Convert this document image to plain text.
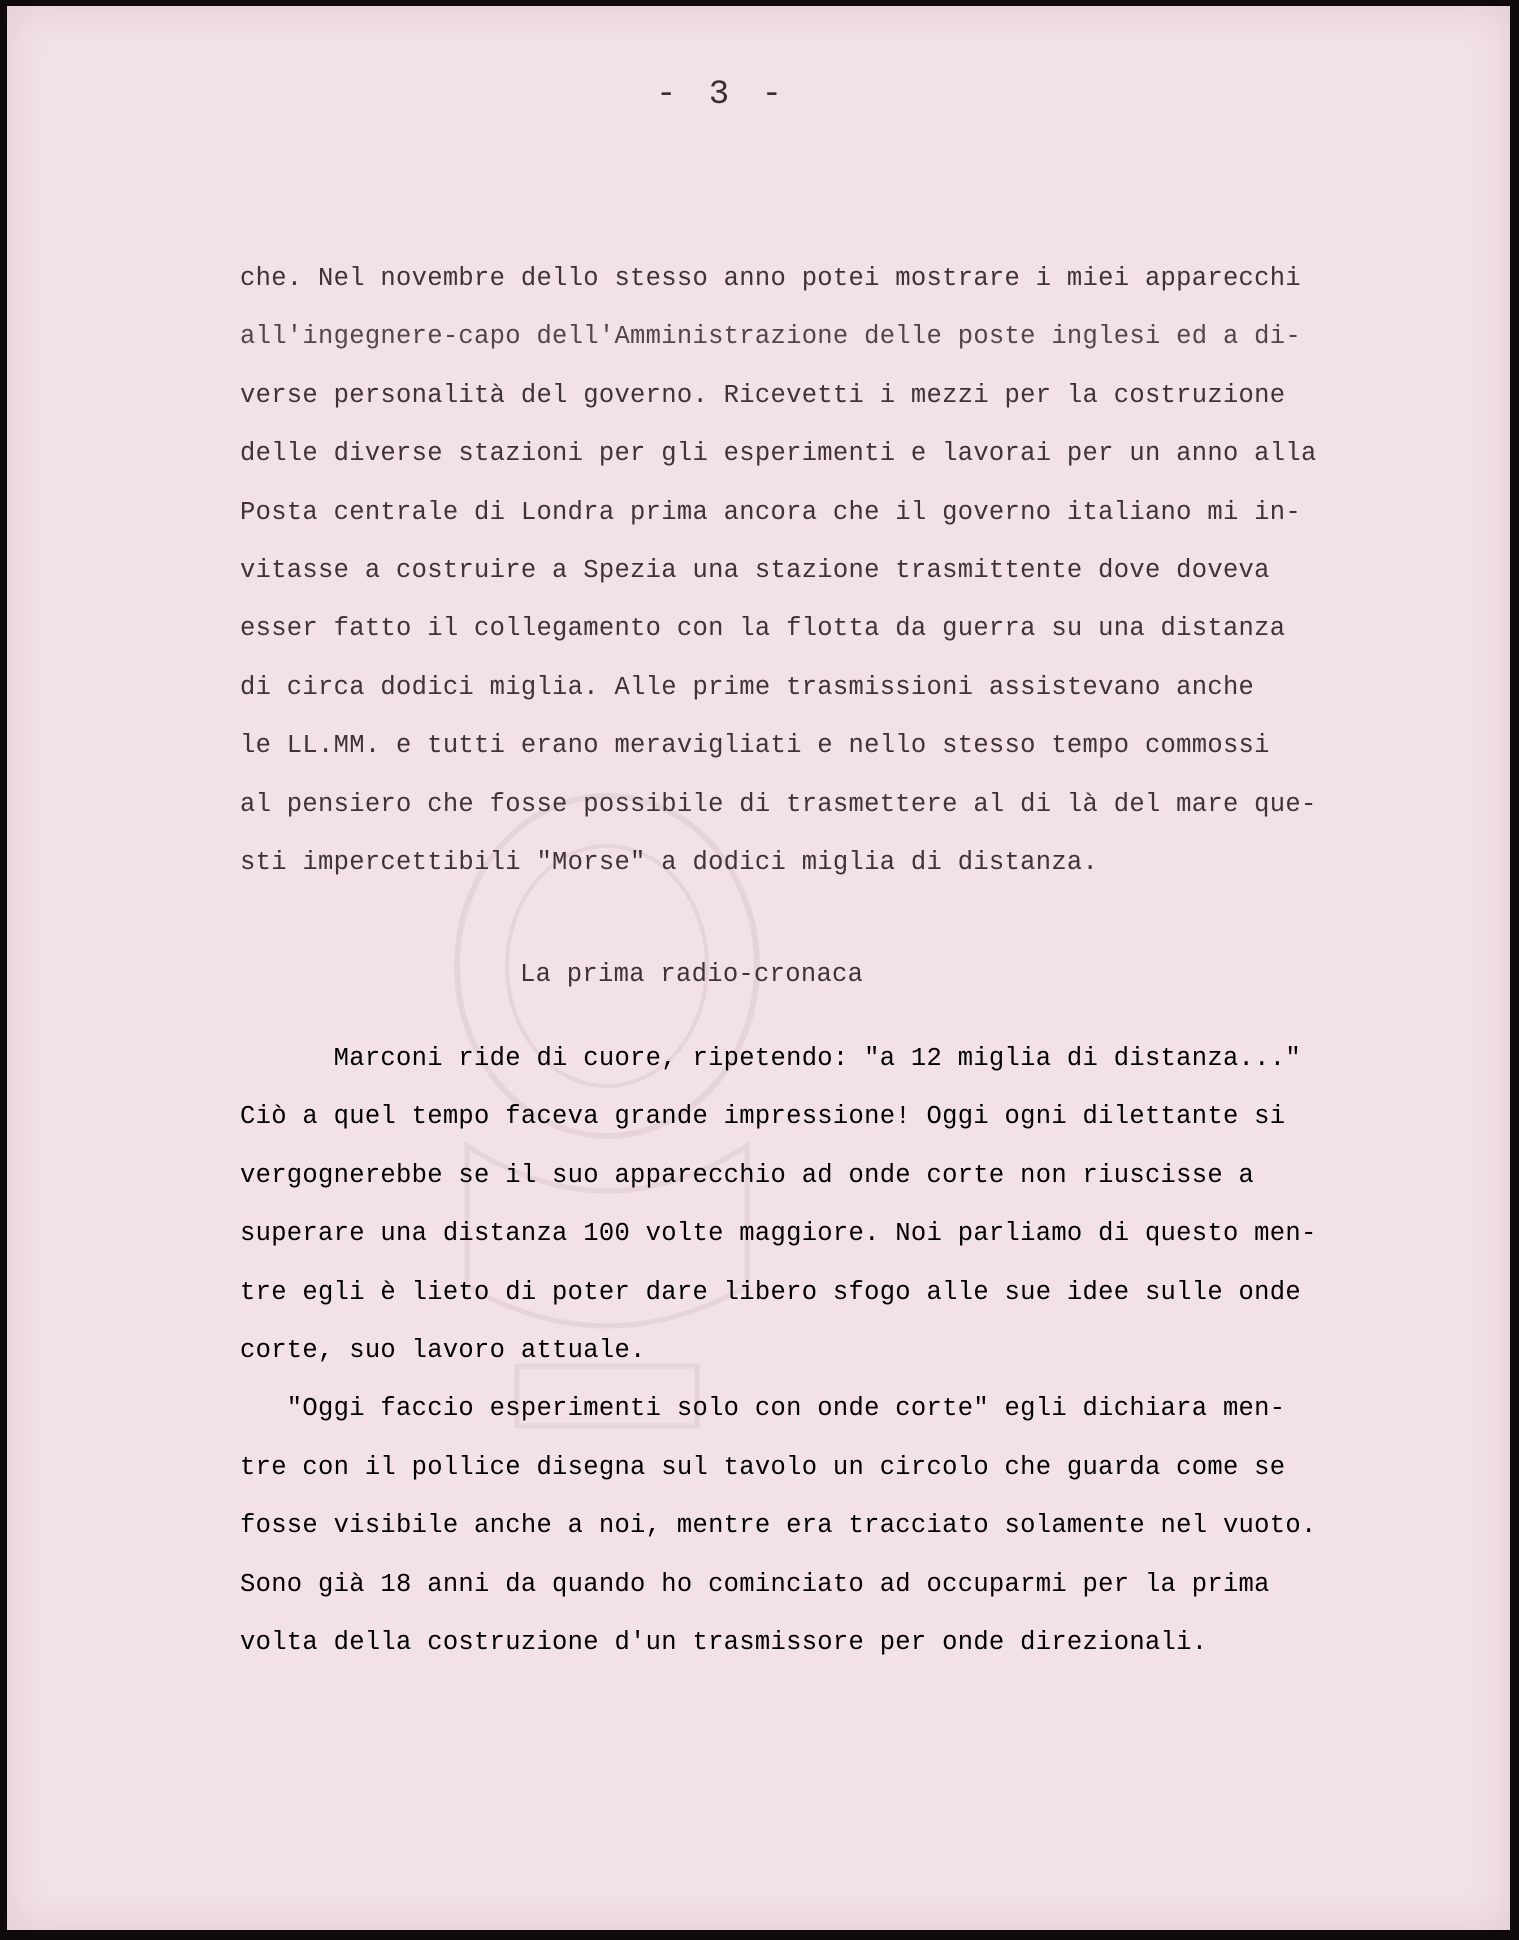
- 3 -
che. Nel novembre dello stesso anno potei mostrare i miei apparecchi
all'ingegnere-capo dell'Amministrazione delle poste inglesi ed a di-
verse personalità del governo. Ricevetti i mezzi per la costruzione
delle diverse stazioni per gli esperimenti e lavorai per un anno alla
Posta centrale di Londra prima ancora che il governo italiano mi in-
vitasse a costruire a Spezia una stazione trasmittente dove doveva
esser fatto il collegamento con la flotta da guerra su una distanza
di circa dodici miglia. Alle prime trasmissioni assistevano anche
le LL.MM. e tutti erano meravigliati e nello stesso tempo commossi
al pensiero che fosse possibile di trasmettere al di là del mare que-
sti impercettibili "Morse" a dodici miglia di distanza.
La prima radio-cronaca
Marconi ride di cuore, ripetendo: "a 12 miglia di distanza..."
Ciò a quel tempo faceva grande impressione! Oggi ogni dilettante si
vergognerebbe se il suo apparecchio ad onde corte non riuscisse a
superare una distanza 100 volte maggiore. Noi parliamo di questo men-
tre egli è lieto di poter dare libero sfogo alle sue idee sulle onde
corte, suo lavoro attuale.
"Oggi faccio esperimenti solo con onde corte" egli dichiara men-
tre con il pollice disegna sul tavolo un circolo che guarda come se
fosse visibile anche a noi, mentre era tracciato solamente nel vuoto.
Sono già 18 anni da quando ho cominciato ad occuparmi per la prima
volta della costruzione d'un trasmissore per onde direzionali.
